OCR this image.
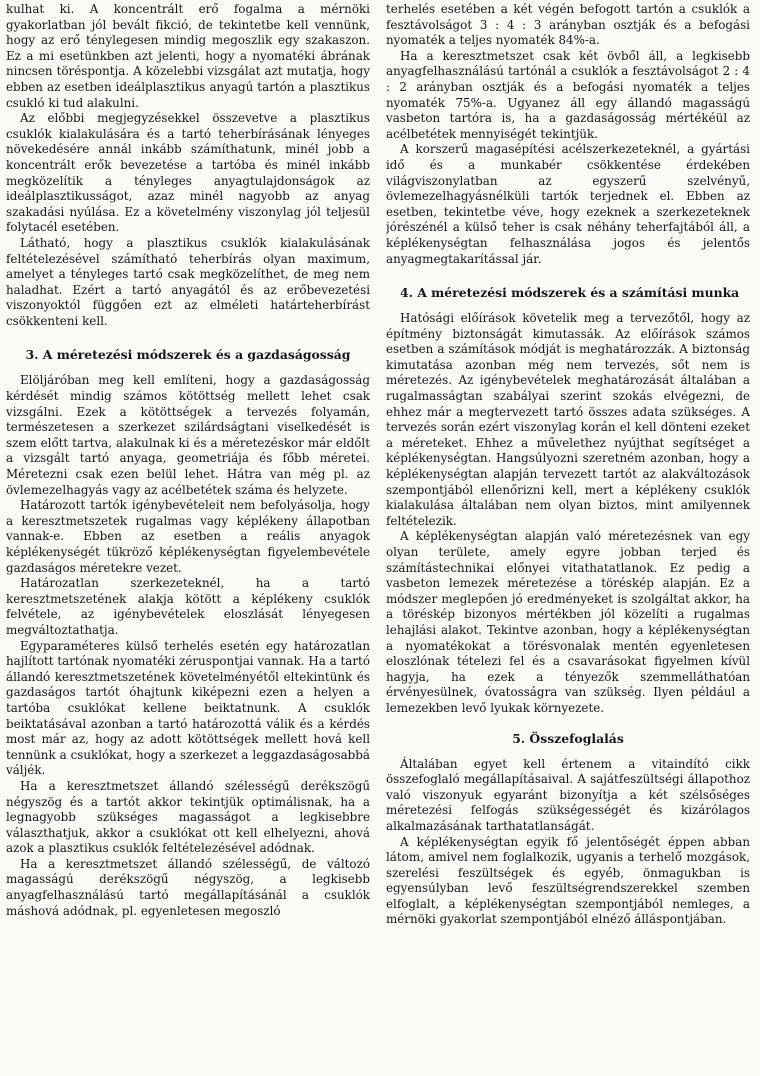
kulhat ki. A koncentrált erő fogalma a mérnöki gyakorlatban jól bevált fikció, de tekintetbe kell vennünk, hogy az erő ténylegesen mindig megoszlik egy szakaszon. Ez a mi esetünkben azt jelenti, hogy a nyomatéki ábrának nincsen töréspontja. A közelebbi vizsgálat azt mutatja, hogy ebben az esetben ideálplasztikus anyagú tartón a plasztikus csukló ki tud alakulni.

Az előbbi megjegyzésekkel összevetve a plasztikus csuklók kialakulására és a tartó teherbírásának lényeges növekedésére annál inkább számíthatunk, minél jobb a koncentrált erők bevezetése a tartóba és minél inkább megközelítik a tényleges anyagtulajdonságok az ideálplasztikusságot, azaz minél nagyobb az anyag szakadási nyúlása. Ez a követelmény viszonylag jól teljesül folytacél esetében.

Látható, hogy a plasztikus csuklók kialakulásának feltételezésével számítható teherbírás olyan maximum, amelyet a tényleges tartó csak megközelíthet, de meg nem haladhat. Ezért a tartó anyagától és az erőbevezetési viszonyoktól függően ezt az elméleti határteherbírást csökkenteni kell.

3. A méretezési módszerek és a gazdaságosság

Elöljáróban meg kell említeni, hogy a gazdaságosság kérdését mindig számos kötöttség mellett lehet csak vizsgálni. Ezek a kötöttségek a tervezés folyamán, természetesen a szerkezet szilárdságtani viselkedését is szem előtt tartva, alakulnak ki és a méretezéskor már eldőlt a vizsgált tartó anyaga, geometriája és főbb méretei. Méretezni csak ezen belül lehet. Hátra van még pl. az övlemezelhagyás vagy az acélbetétek száma és helyzete.

Határozott tartók igénybevételeit nem befolyásolja, hogy a keresztmetszetek rugalmas vagy képlékeny állapotban vannak-e. Ebben az esetben a reális anyagok képlékenységét tükröző képlékenységtan figyelembevétele gazdaságos méretekre vezet.

Határozatlan szerkezeteknél, ha a tartó keresztmetszetének alakja kötött a képlékeny csuklók felvétele, az igénybevételek eloszlását lényegesen megváltoztathatja.

Egyparaméteres külső terhelés esetén egy határozatlan hajlított tartónak nyomatéki zéruspontjai vannak. Ha a tartó állandó keresztmetszetének követelményétől eltekintünk és gazdaságos tartót óhajtunk kiképezni ezen a helyen a tartóba csuklókat kellene beiktatnunk. A csuklók beiktatásával azonban a tartó határozottá válik és a kérdés most már az, hogy az adott kötöttségek mellett hová kell tennünk a csuklókat, hogy a szerkezet a leggazdaságosabbá váljék.

Ha a keresztmetszet állandó szélességű derékszögű négyszög és a tartót akkor tekintjük optimálisnak, ha a legnagyobb szükséges magasságot a legkisebbre választhatjuk, akkor a csuklókat ott kell elhelyezni, ahová azok a plasztikus csuklók feltételezésével adódnak.

Ha a keresztmetszet állandó szélességű, de változó magasságú derékszögű négyszög, a legkisebb anyagfelhasználású tartó megállapításánál a csuklók máshová adódnak, pl. egyenletesen megoszló

terhelés esetében a két végén befogott tartón a csuklók a fesztávolságot 3 : 4 : 3 arányban osztják és a befogási nyomaték a teljes nyomaték 84%-a.

Ha a keresztmetszet csak két övből áll, a legkisebb anyagfelhasználású tartónál a csuklók a fesztávolságot 2 : 4 : 2 arányban osztják és a befogási nyomaték a teljes nyomaték 75%-a. Ugyanez áll egy állandó magasságú vasbeton tartóra is, ha a gazdaságosság mértékéül az acélbetétek mennyiségét tekintjük.

A korszerű magasépítési acélszerkezeteknél, a gyártási idő és a munkabér csökkentése érdekében világviszonylatban az egyszerű szelvényű, övlemezelhagyásnélküli tartók terjednek el. Ebben az esetben, tekintetbe véve, hogy ezeknek a szerkezeteknek jórészénél a külső teher is csak néhány teherfajtából áll, a képlékenységtan felhasználása jogos és jelentős anyagmegtakarítással jár.

4. A méretezési módszerek és a számítási munka

Hatósági előírások követelik meg a tervezőtől, hogy az építmény biztonságát kimutassák. Az előírások számos esetben a számítások módját is meghatározzák. A biztonság kimutatása azonban még nem tervezés, sőt nem is méretezés. Az igénybevételek meghatározását általában a rugalmasságtan szabályai szerint szokás elvégezni, de ehhez már a megtervezett tartó összes adata szükséges. A tervezés során ezért viszonylag korán el kell dönteni ezeket a méreteket. Ehhez a művelethez nyújthat segítséget a képlékenységtan. Hangsúlyozni szeretném azonban, hogy a képlékenységtan alapján tervezett tartót az alakváltozások szempontjából ellenőrizni kell, mert a képlékeny csuklók kialakulása általában nem olyan biztos, mint amilyennek feltételezik.

A képlékenységtan alapján való méretezésnek van egy olyan területe, amely egyre jobban terjed és számítástechnikai előnyei vitathatatlanok. Ez pedig a vasbeton lemezek méretezése a töréskép alapján. Ez a módszer meglepően jó eredményeket is szolgáltat akkor, ha a töréskép bizonyos mértékben jól közelíti a rugalmas lehajlási alakot. Tekintve azonban, hogy a képlékenységtan a nyomatékokat a törésvonalak mentén egyenletesen eloszlónak tételezi fel és a csavarásokat figyelmen kívül hagyja, ha ezek a tényezők szemmelláthatóan érvényesülnek, óvatosságra van szükség. Ilyen például a lemezekben levő lyukak környezete.

5. Összefoglalás

Általában egyet kell értenem a vitaindító cikk összefoglaló megállapításaival. A sajátfeszültségi állapothoz való viszonyuk egyaránt bizonyítja a két szélsőséges méretezési felfogás szükségességét és kizárólagos alkalmazásának tarthatatlanságát.

A képlékenységtan egyik fő jelentőségét éppen abban látom, amivel nem foglalkozik, ugyanis a terhelő mozgások, szerelési feszültségek és egyéb, önmagukban is egyensúlyban levő feszültségrendszerekkel szemben elfoglalt, a képlékenységtan szempontjából nemleges, a mérnöki gyakorlat szempontjából elnéző álláspontjában.
